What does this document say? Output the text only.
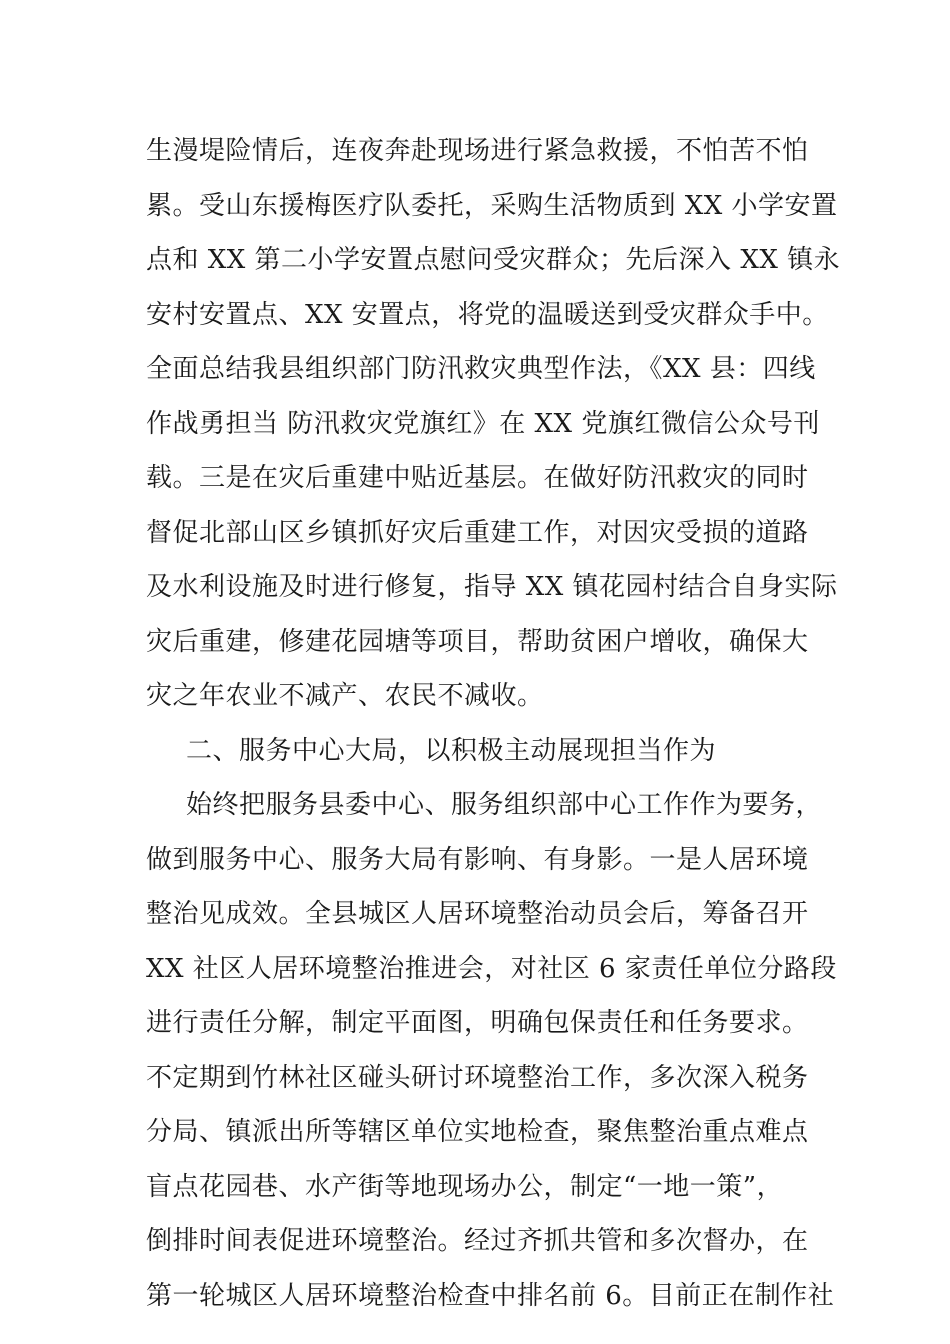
生漫堤险情后，连夜奔赴现场进行紧急救援，不怕苦不怕
累。受山东援梅医疗队委托，采购生活物质到 XX 小学安置
点和 XX 第二小学安置点慰问受灾群众；先后深入 XX 镇永
安村安置点、XX 安置点，将党的温暖送到受灾群众手中。
全面总结我县组织部门防汛救灾典型作法，《XX 县：四线
作战勇担当 防汛救灾党旗红》在 XX 党旗红微信公众号刊
载。三是在灾后重建中贴近基层。在做好防汛救灾的同时
督促北部山区乡镇抓好灾后重建工作，对因灾受损的道路
及水利设施及时进行修复，指导 XX 镇花园村结合自身实际
灾后重建，修建花园塘等项目，帮助贫困户增收，确保大
灾之年农业不减产、农民不减收。
二、服务中心大局，以积极主动展现担当作为
始终把服务县委中心、服务组织部中心工作作为要务，
做到服务中心、服务大局有影响、有身影。一是人居环境
整治见成效。全县城区人居环境整治动员会后，筹备召开
XX 社区人居环境整治推进会，对社区 6 家责任单位分路段
进行责任分解，制定平面图，明确包保责任和任务要求。
不定期到竹林社区碰头研讨环境整治工作，多次深入税务
分局、镇派出所等辖区单位实地检查，聚焦整治重点难点
盲点花园巷、水产街等地现场办公，制定“一地一策”，
倒排时间表促进环境整治。经过齐抓共管和多次督办，在
第一轮城区人居环境整治检查中排名前 6。目前正在制作社
